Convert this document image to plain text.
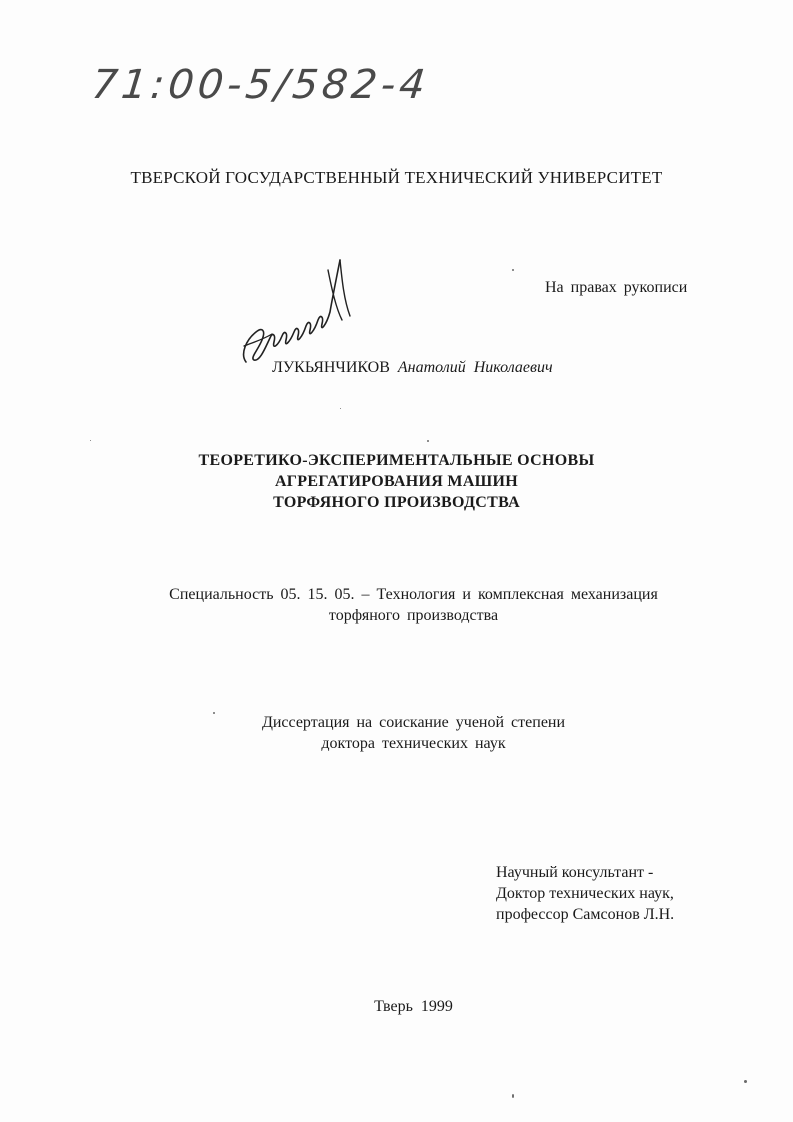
71:00-5/582-4
ТВЕРСКОЙ ГОСУДАРСТВЕННЫЙ ТЕХНИЧЕСКИЙ УНИВЕРСИТЕТ
На правах рукописи
ЛУКЬЯНЧИКОВ Анатолий Николаевич
ТЕОРЕТИКО-ЭКСПЕРИМЕНТАЛЬНЫЕ ОСНОВЫ
АГРЕГАТИРОВАНИЯ МАШИН
ТОРФЯНОГО ПРОИЗВОДСТВА
Специальность 05. 15. 05. – Технология и комплексная механизация
торфяного производства
Диссертация на соискание ученой степени
доктора технических наук
Научный консультант -
Доктор технических наук,
профессор Самсонов Л.Н.
Тверь 1999
